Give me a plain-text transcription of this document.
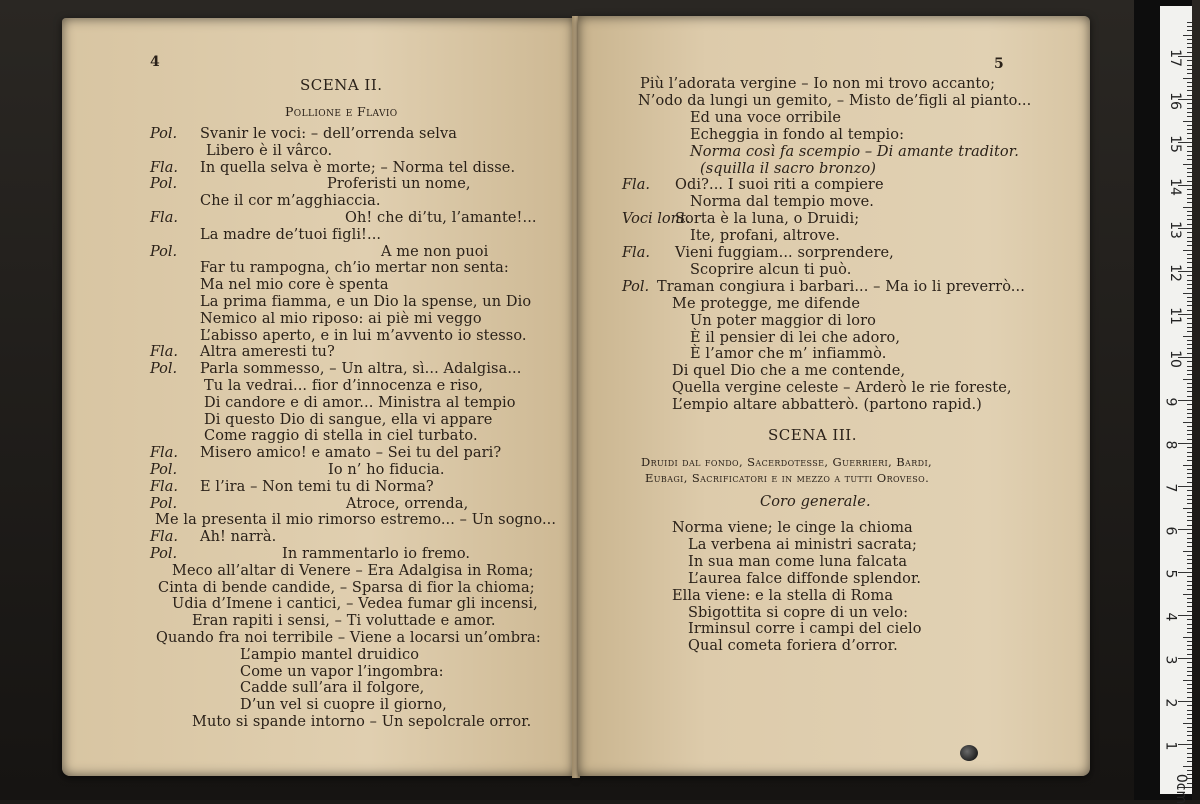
4
SCENA II.
Pollione e Flavio
Pol. Svanir le voci: – dell’orrenda selva
Libero è il vârco.
Fla. In quella selva è morte; – Norma tel disse.
Pol.	Proferisti un nome,
Che il cor m’agghiaccia.
Fla.	Oh! che di’tu, l’amante!...
La madre de’tuoi figli!...
Pol.	A me non puoi
Far tu rampogna, ch’io mertar non senta:
Ma nel mio core è spenta
La prima fiamma, e un Dio la spense, un Dio
Nemico al mio riposo: ai piè mi veggo
L’abisso aperto, e in lui m’avvento io stesso.
Fla. Altra ameresti tu?
Pol. Parla sommesso, – Un altra, sì... Adalgisa...
Tu la vedrai... fior d’innocenza e riso,
Di candore e di amor... Ministra al tempio
Di questo Dio di sangue, ella vi appare
Come raggio di stella in ciel turbato.
Fla. Misero amico! e amato – Sei tu del pari?
Pol.	Io n’ ho fiducia.
Fla. E l’ira – Non temi tu di Norma?
Pol.	Atroce, orrenda,
Me la presenta il mio rimorso estremo... – Un sogno...
Fla. Ah! narrà.
Pol.	In rammentarlo io fremo.
Meco all’altar di Venere – Era Adalgisa in Roma;
Cinta di bende candide, – Sparsa di fior la chioma;
Udia d’Imene i cantici, – Vedea fumar gli incensi,
Eran rapiti i sensi, – Ti voluttade e amor.
Quando fra noi terribile – Viene a locarsi un’ombra:
L’ampio mantel druidico
Come un vapor l’ingombra:
Cadde sull’ara il folgore,
D’un vel si cuopre il giorno,
Muto si spande intorno – Un sepolcrale orror.
5
Più l’adorata vergine – Io non mi trovo accanto;
N’odo da lungi un gemito, – Misto de’figli al pianto...
Ed una voce orribile
Echeggia in fondo al tempio:
Norma così fa scempio – Di amante traditor.
(squilla il sacro bronzo)
Fla. Odi?... I suoi riti a compiere
Norma dal tempio move.
Voci lont.
Sorta è la luna, o Druidi;
Ite, profani, altrove.
Fla. Vieni fuggiam... sorprendere,
Scoprire alcun ti può.
Pol. Traman congiura i barbari... – Ma io li preverrò...
Me protegge, me difende
Un poter maggior di loro
È il pensier di lei che adoro,
È l’amor che m’ infiammò.
Di quel Dio che a me contende,
Quella vergine celeste – Arderò le rie foreste,
L’empio altare abbatterò. (partono rapid.)
SCENA III.
Druidi dal fondo, Sacerdotesse, Guerrieri, Bardi,
Eubagi, Sacrificatori e in mezzo a tutti Oroveso.
Coro generale.
Norma viene; le cinge la chioma
La verbena ai ministri sacrata;
In sua man come luna falcata
L’aurea falce diffonde splendor.
Ella viene: e la stella di Roma
Sbigottita si copre di un velo:
Irminsul corre i campi del cielo
Qual cometa foriera d’orror.

17
16
15
14
13
12
11
10
9
8
7
6
5
4
3
2
1
0cm
